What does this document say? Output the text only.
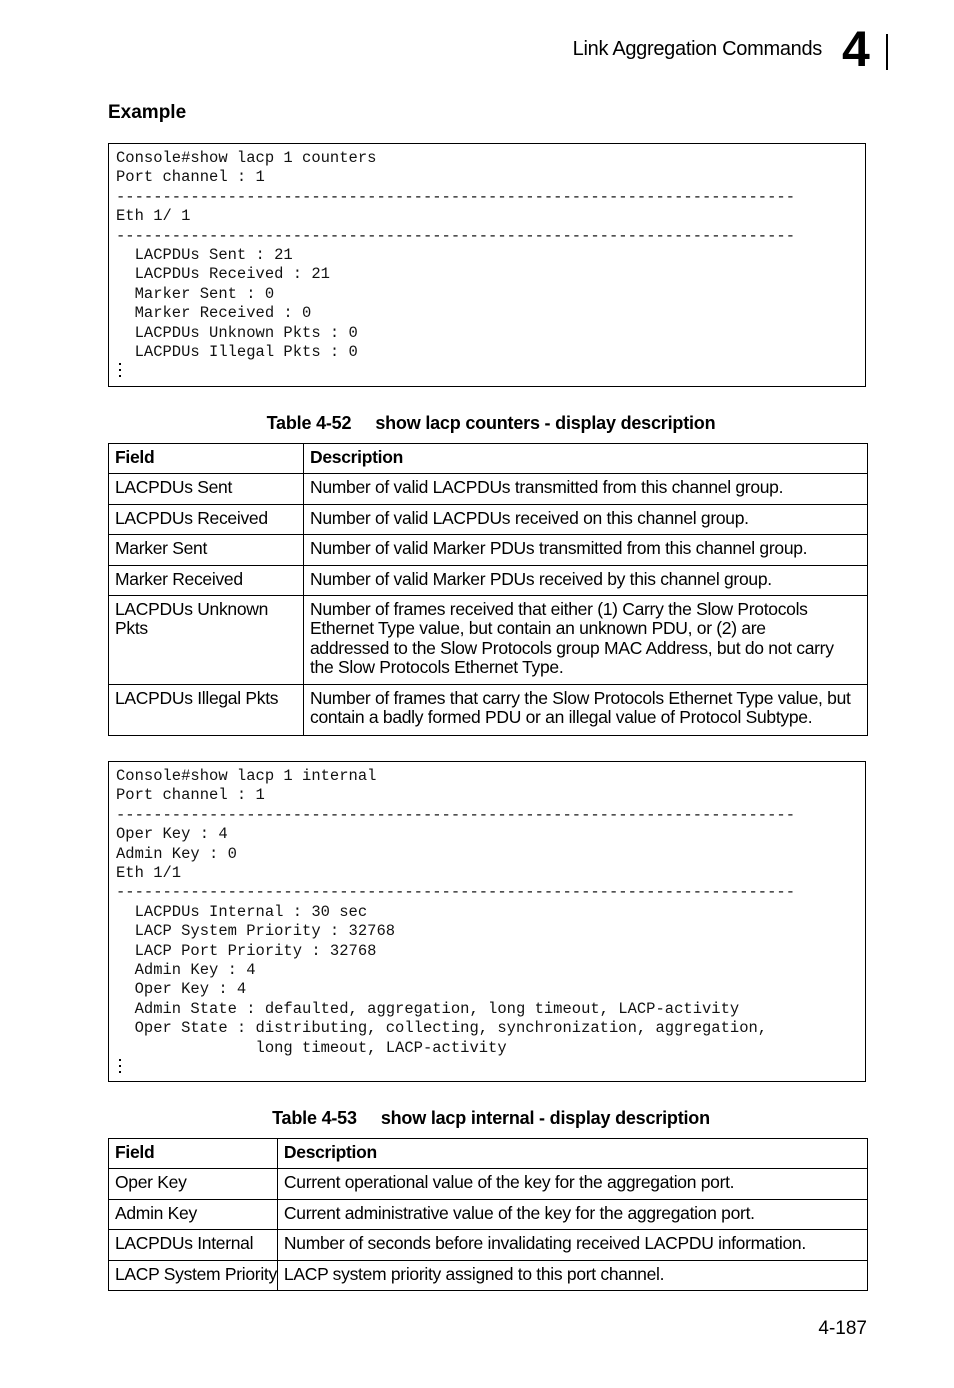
Link Aggregation Commands 4
Example
Console#show lacp 1 counters
Port channel : 1
-------------------------------------------------------------------------
Eth 1/ 1
-------------------------------------------------------------------------
LACPDUs Sent : 21
LACPDUs Received : 21
Marker Sent : 0
Marker Received : 0
LACPDUs Unknown Pkts : 0
LACPDUs Illegal Pkts : 0
Table 4-52 show lacp counters - display description
Field	Description
LACPDUs Sent	Number of valid LACPDUs transmitted from this channel group.
LACPDUs Received	Number of valid LACPDUs received on this channel group.
Marker Sent	Number of valid Marker PDUs transmitted from this channel group.
Marker Received	Number of valid Marker PDUs received by this channel group.
LACPDUs Unknown Pkts	Number of frames received that either (1) Carry the Slow Protocols Ethernet Type value, but contain an unknown PDU, or (2) are addressed to the Slow Protocols group MAC Address, but do not carry the Slow Protocols Ethernet Type.
LACPDUs Illegal Pkts	Number of frames that carry the Slow Protocols Ethernet Type value, but contain a badly formed PDU or an illegal value of Protocol Subtype.
Console#show lacp 1 internal
Port channel : 1
-------------------------------------------------------------------------
Oper Key : 4
Admin Key : 0
Eth 1/1
-------------------------------------------------------------------------
LACPDUs Internal : 30 sec
LACP System Priority : 32768
LACP Port Priority : 32768
Admin Key : 4
Oper Key : 4
Admin State : defaulted, aggregation, long timeout, LACP-activity
Oper State : distributing, collecting, synchronization, aggregation,
long timeout, LACP-activity
Table 4-53 show lacp internal - display description
Field	Description
Oper Key	Current operational value of the key for the aggregation port.
Admin Key	Current administrative value of the key for the aggregation port.
LACPDUs Internal	Number of seconds before invalidating received LACPDU information.
LACP System Priority	LACP system priority assigned to this port channel.
4-187
